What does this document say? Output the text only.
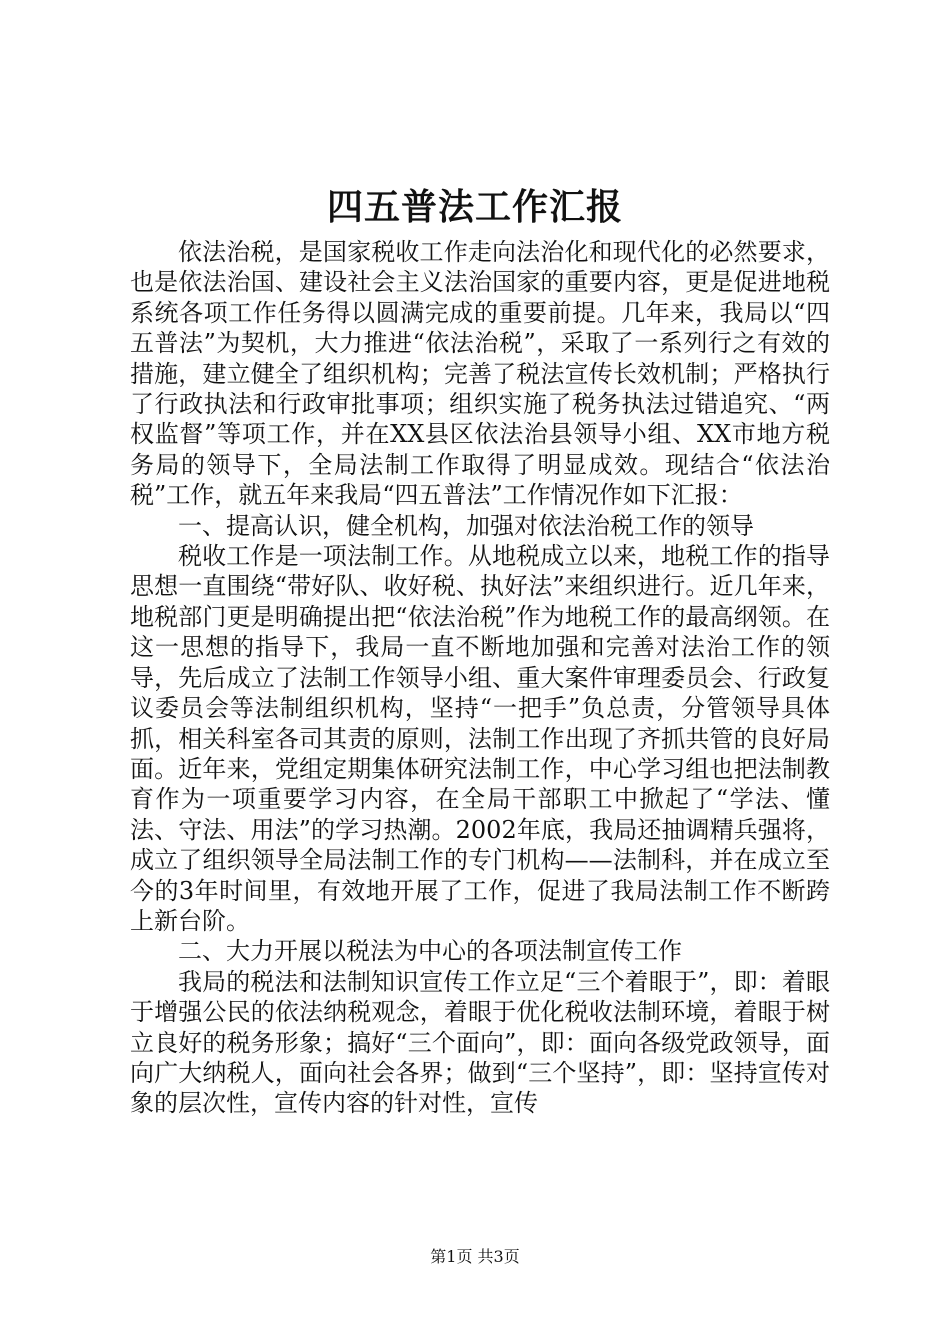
四五普法工作汇报

依法治税，是国家税收工作走向法治化和现代化的必然要求，也是依法治国、建设社会主义法治国家的重要内容，更是促进地税系统各项工作任务得以圆满完成的重要前提。几年来，我局以“四五普法”为契机，大力推进“依法治税”，采取了一系列行之有效的措施，建立健全了组织机构；完善了税法宣传长效机制；严格执行了行政执法和行政审批事项；组织实施了税务执法过错追究、“两权监督”等项工作，并在XX县区依法治县领导小组、XX市地方税务局的领导下，全局法制工作取得了明显成效。现结合“依法治税”工作，就五年来我局“四五普法”工作情况作如下汇报：

一、提高认识，健全机构，加强对依法治税工作的领导

税收工作是一项法制工作。从地税成立以来，地税工作的指导思想一直围绕“带好队、收好税、执好法”来组织进行。近几年来，地税部门更是明确提出把“依法治税”作为地税工作的最高纲领。在这一思想的指导下，我局一直不断地加强和完善对法治工作的领导，先后成立了法制工作领导小组、重大案件审理委员会、行政复议委员会等法制组织机构，坚持“一把手”负总责，分管领导具体抓，相关科室各司其责的原则，法制工作出现了齐抓共管的良好局面。近年来，党组定期集体研究法制工作，中心学习组也把法制教育作为一项重要学习内容，在全局干部职工中掀起了“学法、懂法、守法、用法”的学习热潮。2002年底，我局还抽调精兵强将，成立了组织领导全局法制工作的专门机构——法制科，并在成立至今的3年时间里，有效地开展了工作，促进了我局法制工作不断跨上新台阶。

二、大力开展以税法为中心的各项法制宣传工作

我局的税法和法制知识宣传工作立足“三个着眼于”，即：着眼于增强公民的依法纳税观念，着眼于优化税收法制环境，着眼于树立良好的税务形象；搞好“三个面向”，即：面向各级党政领导，面向广大纳税人，面向社会各界；做到“三个坚持”，即：坚持宣传对象的层次性，宣传内容的针对性，宣传

第1页 共3页
